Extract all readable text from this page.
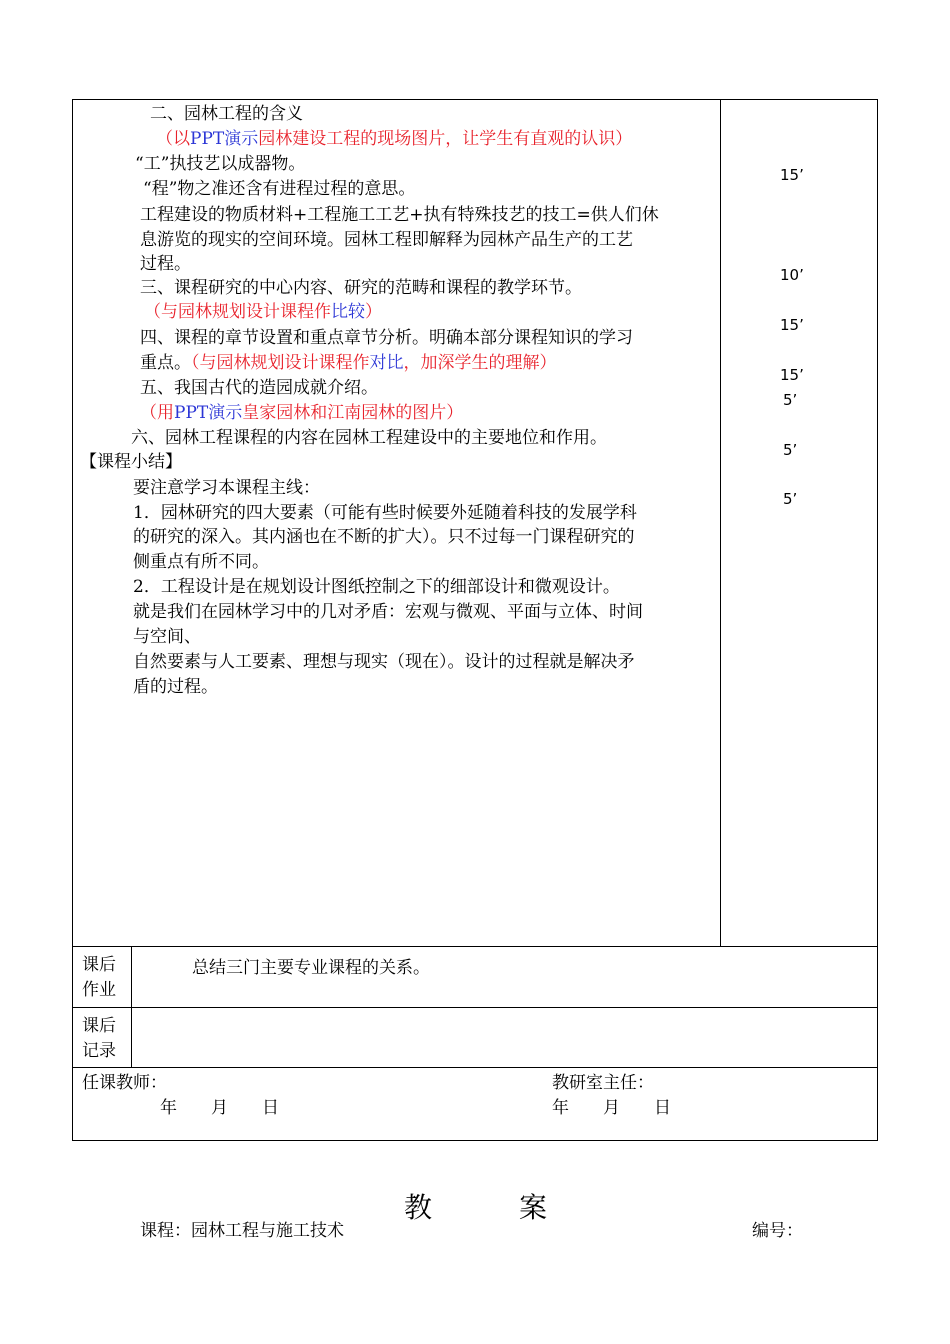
二、园林工程的含义
（以PPT演示园林建设工程的现场图片，让学生有直观的认识）
“工”执技艺以成器物。
“程”物之准还含有进程过程的意思。
工程建设的物质材料+工程施工工艺+执有特殊技艺的技工=供人们休
息游览的现实的空间环境。园林工程即解释为园林产品生产的工艺
过程。
三、课程研究的中心内容、研究的范畴和课程的教学环节。
（与园林规划设计课程作比较）
四、课程的章节设置和重点章节分析。明确本部分课程知识的学习
重点。（与园林规划设计课程作对比，加深学生的理解）
五、我国古代的造园成就介绍。
（用PPT演示皇家园林和江南园林的图片）
六、园林工程课程的内容在园林工程建设中的主要地位和作用。
【课程小结】
要注意学习本课程主线：
1．园林研究的四大要素（可能有些时候要外延随着科技的发展学科
的研究的深入。其内涵也在不断的扩大）。只不过每一门课程研究的
侧重点有所不同。
2．工程设计是在规划设计图纸控制之下的细部设计和微观设计。
就是我们在园林学习中的几对矛盾：宏观与微观、平面与立体、时间
与空间、
自然要素与人工要素、理想与现实（现在）。设计的过程就是解决矛
盾的过程。
15’
10’
15’
15’
5’
5’
5’
课后
作业
总结三门主要专业课程的关系。
课后
记录
任课教师：
年　　月　　日
教研室主任：
年　　月　　日
教	案
课程：园林工程与施工技术	编号：
